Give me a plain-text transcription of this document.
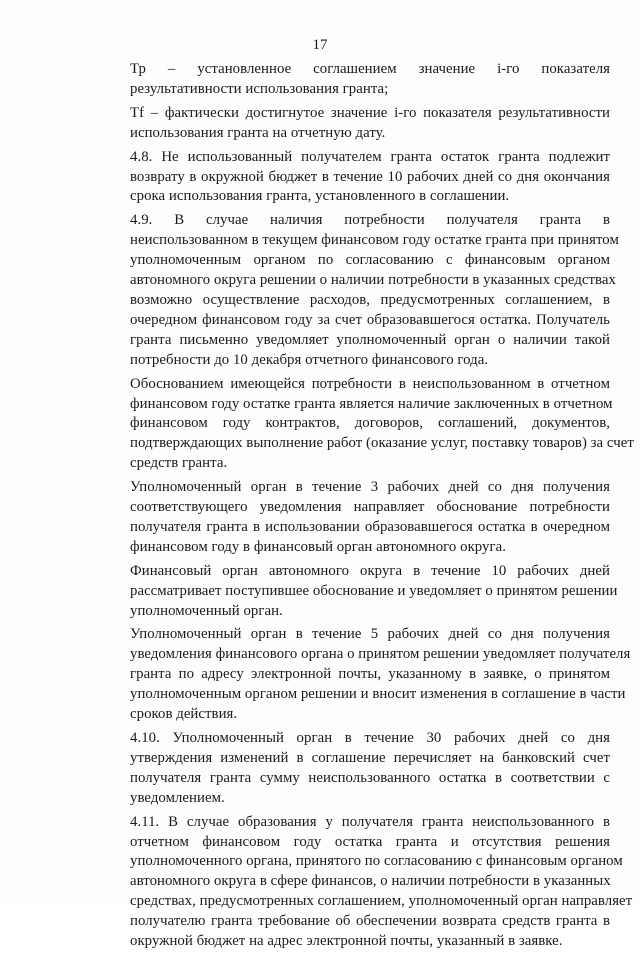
17
Тр – установленное соглашением значение i-го показателя
результативности использования гранта;
Tf – фактически достигнутое значение i-го показателя результативности
использования гранта на отчетную дату.
4.8. Не использованный получателем гранта остаток гранта подлежит
возврату в окружной бюджет в течение 10 рабочих дней со дня окончания
срока использования гранта, установленного в соглашении.
4.9. В случае наличия потребности получателя гранта в
неиспользованном в текущем финансовом году остатке гранта при принятом
уполномоченным органом по согласованию с финансовым органом
автономного округа решении о наличии потребности в указанных средствах
возможно осуществление расходов, предусмотренных соглашением, в
очередном финансовом году за счет образовавшегося остатка. Получатель
гранта письменно уведомляет уполномоченный орган о наличии такой
потребности до 10 декабря отчетного финансового года.
Обоснованием имеющейся потребности в неиспользованном в отчетном
финансовом году остатке гранта является наличие заключенных в отчетном
финансовом году контрактов, договоров, соглашений, документов,
подтверждающих выполнение работ (оказание услуг, поставку товаров) за счет
средств гранта.
Уполномоченный орган в течение 3 рабочих дней со дня получения
соответствующего уведомления направляет обоснование потребности
получателя гранта в использовании образовавшегося остатка в очередном
финансовом году в финансовый орган автономного округа.
Финансовый орган автономного округа в течение 10 рабочих дней
рассматривает поступившее обоснование и уведомляет о принятом решении
уполномоченный орган.
Уполномоченный орган в течение 5 рабочих дней со дня получения
уведомления финансового органа о принятом решении уведомляет получателя
гранта по адресу электронной почты, указанному в заявке, о принятом
уполномоченным органом решении и вносит изменения в соглашение в части
сроков действия.
4.10. Уполномоченный орган в течение 30 рабочих дней со дня
утверждения изменений в соглашение перечисляет на банковский счет
получателя гранта сумму неиспользованного остатка в соответствии с
уведомлением.
4.11. В случае образования у получателя гранта неиспользованного в
отчетном финансовом году остатка гранта и отсутствия решения
уполномоченного органа, принятого по согласованию с финансовым органом
автономного округа в сфере финансов, о наличии потребности в указанных
средствах, предусмотренных соглашением, уполномоченный орган направляет
получателю гранта требование об обеспечении возврата средств гранта в
окружной бюджет на адрес электронной почты, указанный в заявке.
